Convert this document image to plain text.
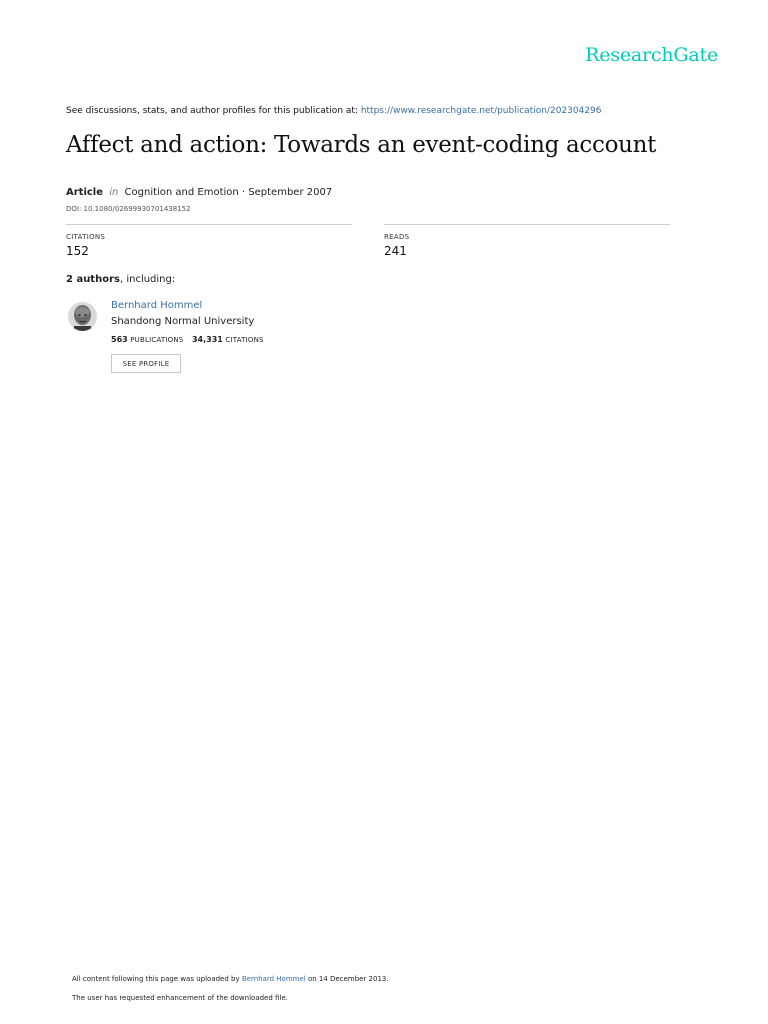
ResearchGate
See discussions, stats, and author profiles for this publication at: https://www.researchgate.net/publication/202304296
Affect and action: Towards an event-coding account
Article in Cognition and Emotion · September 2007
DOI: 10.1080/02699930701438152
CITATIONS
152
READS
241
2 authors, including:
Bernhard Hommel
Shandong Normal University
563 PUBLICATIONS 34,331 CITATIONS
SEE PROFILE
All content following this page was uploaded by Bernhard Hommel on 14 December 2013.
The user has requested enhancement of the downloaded file.
